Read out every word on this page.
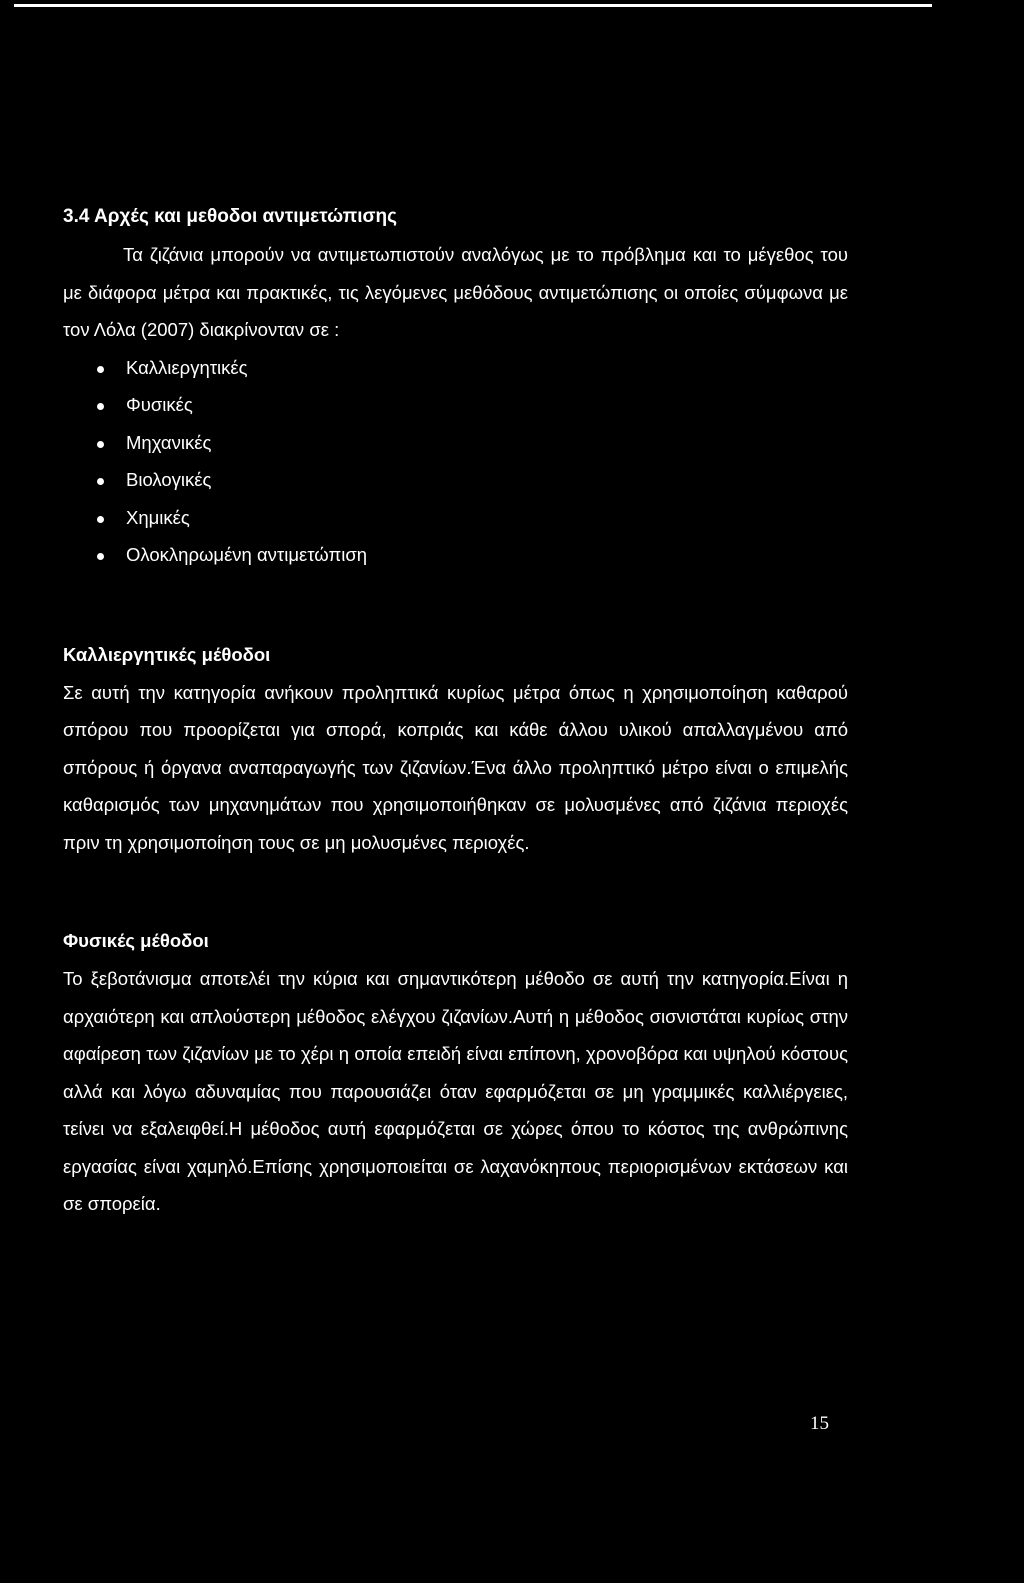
3.4 Αρχές και μεθοδοι αντιμετώπισης

Τα ζιζάνια μπορούν να αντιμετωπιστούν αναλόγως με το πρόβλημα και το μέγεθος του με διάφορα μέτρα και πρακτικές, τις λεγόμενες μεθόδους αντιμετώπισης οι οποίες σύμφωνα με τον Λόλα (2007) διακρίνονταν σε :

Καλλιεργητικές
Φυσικές
Μηχανικές
Βιολογικές
Χημικές
Ολοκληρωμένη αντιμετώπιση
Καλλιεργητικές μέθοδοι

Σε αυτή την κατηγορία ανήκουν προληπτικά κυρίως μέτρα όπως η χρησιμοποίηση καθαρού σπόρου που προορίζεται για σπορά, κοπριάς και κάθε άλλου υλικού απαλλαγμένου από σπόρους ή όργανα αναπαραγωγής των ζιζανίων.Ένα άλλο προληπτικό μέτρο είναι ο επιμελής καθαρισμός των μηχανημάτων που χρησιμοποιήθηκαν σε μολυσμένες από ζιζάνια περιοχές πριν τη χρησιμοποίηση τους σε μη μολυσμένες περιοχές.

Φυσικές μέθοδοι

Το ξεβοτάνισμα αποτελέι την κύρια και σημαντικότερη μέθοδο σε αυτή την κατηγορία.Είναι η αρχαιότερη και απλούστερη μέθοδος ελέγχου ζιζανίων.Αυτή η μέθοδος σισνιστάται κυρίως στην αφαίρεση των ζιζανίων με το χέρι η οποία επειδή είναι επίπονη, χρονοβόρα και υψηλού κόστους αλλά και λόγω αδυναμίας που παρουσιάζει όταν εφαρμόζεται σε μη γραμμικές καλλιέργειες, τείνει να εξαλειφθεί.Η μέθοδος αυτή εφαρμόζεται σε χώρες όπου το κόστος της ανθρώπινης εργασίας είναι χαμηλό.Επίσης χρησιμοποιείται σε λαχανόκηπους περιορισμένων εκτάσεων και σε σπορεία.

15
